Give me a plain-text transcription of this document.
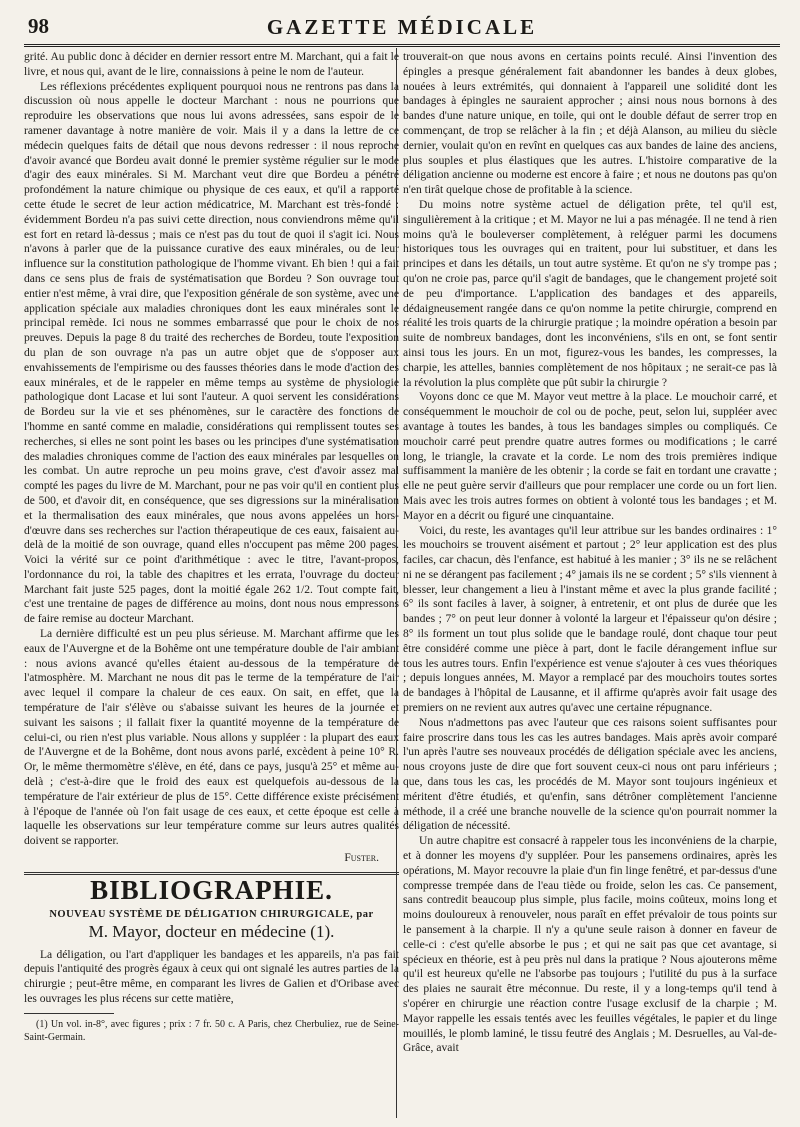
98	GAZETTE MÉDICALE

grité. Au public donc à décider en dernier ressort entre M. Marchant, qui a fait le livre, et nous qui, avant de le lire, connaissions à peine le nom de l'auteur.

Les réflexions précédentes expliquent pourquoi nous ne rentrons pas dans la discussion où nous appelle le docteur Marchant : nous ne pourrions que reproduire les observations que nous lui avons adressées, sans espoir de le ramener davantage à notre manière de voir. Mais il y a dans la lettre de ce médecin quelques faits de détail que nous devons redresser : il nous reproche d'avoir avancé que Bordeu avait donné le premier système régulier sur le mode d'agir des eaux minérales. Si M. Marchant veut dire que Bordeu a pénétré profondément la nature chimique ou physique de ces eaux, et qu'il a rapporté cette étude le secret de leur action médicatrice, M. Marchant est très-fondé : évidemment Bordeu n'a pas suivi cette direction, nous conviendrons même qu'il est fort en retard là-dessus ; mais ce n'est pas du tout de quoi il s'agit ici. Nous n'avons à parler que de la puissance curative des eaux minérales, ou de leur influence sur la constitution pathologique de l'homme vivant. Eh bien ! qui a fait dans ce sens plus de frais de systématisation que Bordeu ? Son ouvrage tout entier n'est même, à vrai dire, que l'exposition générale de son système, avec une application spéciale aux maladies chroniques dont les eaux minérales sont le principal remède. Ici nous ne sommes embarrassé que pour le choix de nos preuves. Depuis la page 8 du traité des recherches de Bordeu, toute l'exposition du plan de son ouvrage n'a pas un autre objet que de s'opposer aux envahissements de l'empirisme ou des fausses théories dans le mode d'action des eaux minérales, et de le rappeler en même temps au système de physiologie pathologique dont Lacase et lui sont l'auteur. A quoi servent les considérations de Bordeu sur la vie et ses phénomènes, sur le caractère des fonctions de l'homme en santé comme en maladie, considérations qui remplissent toutes ses recherches, si elles ne sont point les bases ou les principes d'une systématisation des maladies chroniques comme de l'action des eaux minérales par lesquelles on les combat. Un autre reproche un peu moins grave, c'est d'avoir assez mal compté les pages du livre de M. Marchant, pour ne pas voir qu'il en contient plus de 500, et d'avoir dit, en conséquence, que ses digressions sur la minéralisation et la thermalisation des eaux minérales, que nous avons appelées un hors-d'œuvre dans ses recherches sur l'action thérapeutique de ces eaux, faisaient au-delà de la moitié de son ouvrage, quand elles n'occupent pas même 200 pages. Voici la vérité sur ce point d'arithmétique : avec le titre, l'avant-propos, l'ordonnance du roi, la table des chapitres et les errata, l'ouvrage du docteur Marchant fait juste 525 pages, dont la moitié égale 262 1/2. Tout compte fait, c'est une trentaine de pages de différence au moins, dont nous nous empressons de faire remise au docteur Marchant.

La dernière difficulté est un peu plus sérieuse. M. Marchant affirme que les eaux de l'Auvergne et de la Bohême ont une température double de l'air ambiant : nous avions avancé qu'elles étaient au-dessous de la température de l'atmosphère. M. Marchant ne nous dit pas le terme de la température de l'air avec lequel il compare la chaleur de ces eaux. On sait, en effet, que la température de l'air s'élève ou s'abaisse suivant les heures de la journée et suivant les saisons ; il fallait fixer la quantité moyenne de la température de celui-ci, ou rien n'est plus variable. Nous allons y suppléer : la plupart des eaux de l'Auvergne et de la Bohême, dont nous avons parlé, excèdent à peine 10° R. Or, le même thermomètre s'élève, en été, dans ce pays, jusqu'à 25° et même au-delà ; c'est-à-dire que le froid des eaux est quelquefois au-dessous de la température de l'air extérieur de plus de 15°. Cette différence existe précisément à l'époque de l'année où l'on fait usage de ces eaux, et cette époque est celle à laquelle les observations sur leur température comme sur leurs autres qualités doivent se rapporter.

Fuster.
BIBLIOGRAPHIE.
NOUVEAU SYSTÈME DE DÉLIGATION CHIRURGICALE, par
M. Mayor, docteur en médecine (1).

La déligation, ou l'art d'appliquer les bandages et les appareils, n'a pas fait depuis l'antiquité des progrès égaux à ceux qui ont signalé les autres parties de la chirurgie ; peut-être même, en comparant les livres de Galien et d'Oribase avec les ouvrages les plus récens sur cette matière,

(1) Un vol. in-8°, avec figures ; prix : 7 fr. 50 c. A Paris, chez Cherbuliez, rue de Seine-Saint-Germain.

trouverait-on que nous avons en certains points reculé. Ainsi l'invention des épingles a presque généralement fait abandonner les bandes à deux globes, nouées à leurs extrémités, qui donnaient à l'appareil une solidité dont les bandages à épingles ne sauraient approcher ; ainsi nous nous bornons à des bandes d'une nature unique, en toile, qui ont le double défaut de serrer trop en commençant, de trop se relâcher à la fin ; et déjà Alanson, au milieu du siècle dernier, voulait qu'on en revînt en quelques cas aux bandes de laine des anciens, plus souples et plus élastiques que les autres. L'histoire comparative de la déligation ancienne ou moderne est encore à faire ; et nous ne doutons pas qu'on n'en tirât quelque chose de profitable à la science.

Du moins notre système actuel de déligation prête, tel qu'il est, singulièrement à la critique ; et M. Mayor ne lui a pas ménagée. Il ne tend à rien moins qu'à le bouleverser complètement, à reléguer parmi les documens historiques tous les ouvrages qui en traitent, pour lui substituer, et dans les principes et dans les détails, un tout autre système. Et qu'on ne s'y trompe pas ; qu'on ne croie pas, parce qu'il s'agit de bandages, que le changement projeté soit de peu d'importance. L'application des bandages et des appareils, dédaigneusement rangée dans ce qu'on nomme la petite chirurgie, comprend en réalité les trois quarts de la chirurgie pratique ; la moindre opération a besoin par suite de nombreux bandages, dont les inconvéniens, s'ils en ont, se font sentir ainsi tous les jours. En un mot, figurez-vous les bandes, les compresses, la charpie, les attelles, bannies complètement de nos hôpitaux ; ne serait-ce pas là la révolution la plus complète que pût subir la chirurgie ?

Voyons donc ce que M. Mayor veut mettre à la place. Le mouchoir carré, et conséquemment le mouchoir de col ou de poche, peut, selon lui, suppléer avec avantage à toutes les bandes, à tous les bandages simples ou compliqués. Ce mouchoir carré peut prendre quatre autres formes ou modifications ; le carré long, le triangle, la cravate et la corde. Le nom des trois premières indique suffisamment la manière de les obtenir ; la corde se fait en tordant une cravatte ; elle ne peut guère servir d'ailleurs que pour remplacer une corde ou un fort lien. Mais avec les trois autres formes on obtient à volonté tous les bandages ; et M. Mayor en a décrit ou figuré une cinquantaine.

Voici, du reste, les avantages qu'il leur attribue sur les bandes ordinaires : 1° les mouchoirs se trouvent aisément et partout ; 2° leur application est des plus faciles, car chacun, dès l'enfance, est habitué à les manier ; 3° ils ne se relâchent ni ne se dérangent pas facilement ; 4° jamais ils ne se cordent ; 5° s'ils viennent à blesser, leur changement a lieu à l'instant même et avec la plus grande facilité ; 6° ils sont faciles à laver, à soigner, à entretenir, et ont plus de durée que les bandes ; 7° on peut leur donner à volonté la largeur et l'épaisseur qu'on désire ; 8° ils forment un tout plus solide que le bandage roulé, dont chaque tour peut être considéré comme une pièce à part, dont le facile dérangement influe sur tous les autres tours. Enfin l'expérience est venue s'ajouter à ces vues théoriques ; depuis longues années, M. Mayor a remplacé par des mouchoirs toutes sortes de bandages à l'hôpital de Lausanne, et il affirme qu'après avoir fait usage des premiers on ne revient aux autres qu'avec une certaine répugnance.

Nous n'admettons pas avec l'auteur que ces raisons soient suffisantes pour faire proscrire dans tous les cas les autres bandages. Mais après avoir comparé l'un après l'autre ses nouveaux procédés de déligation spéciale avec les anciens, nous croyons juste de dire que fort souvent ceux-ci nous ont paru inférieurs ; que, dans tous les cas, les procédés de M. Mayor sont toujours ingénieux et méritent d'être étudiés, et qu'enfin, sans détrôner complètement l'ancienne méthode, il a créé une branche nouvelle de la science qu'on pourrait nommer la déligation de nécessité.

Un autre chapitre est consacré à rappeler tous les inconvéniens de la charpie, et à donner les moyens d'y suppléer. Pour les pansemens ordinaires, après les opérations, M. Mayor recouvre la plaie d'un fin linge fenêtré, et par-dessus d'une compresse trempée dans de l'eau tiède ou froide, selon les cas. Ce pansement, sans contredit beaucoup plus simple, plus facile, moins coûteux, moins long et moins douloureux à renouveler, nous paraît en effet prévaloir de tous points sur le pansement à la charpie. Il n'y a qu'une seule raison à donner en faveur de celle-ci : c'est qu'elle absorbe le pus ; et qui ne sait pas que cet avantage, si spécieux en théorie, est à peu près nul dans la pratique ? Nous ajouterons même qu'il est heureux qu'elle ne l'absorbe pas toujours ; l'utilité du pus à la surface des plaies ne saurait être méconnue. Du reste, il y a long-temps qu'il tend à s'opérer en chirurgie une réaction contre l'usage exclusif de la charpie ; M. Mayor rappelle les essais tentés avec les feuilles végétales, le papier et du linge mouillés, le plomb laminé, le tissu feutré des Anglais ; M. Desruelles, au Val-de-Grâce, avait
